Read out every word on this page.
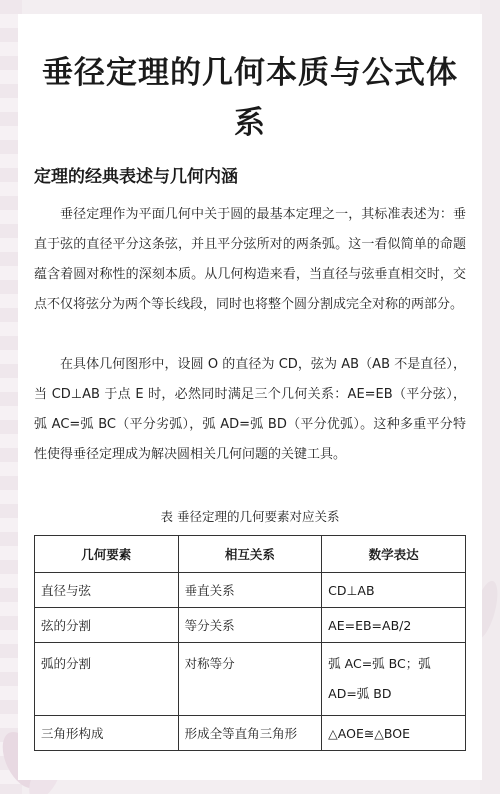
垂径定理的几何本质与公式体
系
定理的经典表述与几何内涵
垂径定理作为平面几何中关于圆的最基本定理之一，其标准表述为：垂直于弦的直径平分这条弦，并且平分弦所对的两条弧。这一看似简单的命题蕴含着圆对称性的深刻本质。从几何构造来看，当直径与弦垂直相交时，交点不仅将弦分为两个等长线段，同时也将整个圆分割成完全对称的两部分。
在具体几何图形中，设圆 O 的直径为 CD，弦为 AB（AB 不是直径），当 CD⊥AB 于点 E 时，必然同时满足三个几何关系：AE=EB（平分弦），弧 AC=弧 BC（平分劣弧），弧 AD=弧 BD（平分优弧）。这种多重平分特性使得垂径定理成为解决圆相关几何问题的关键工具。
表 垂径定理的几何要素对应关系
几何要素	相互关系	数学表达
直径与弦	垂直关系	CD⊥AB
弦的分割	等分关系	AE=EB=AB/2
弧的分割	对称等分	弧 AC=弧 BC；弧 AD=弧 BD
三角形构成	形成全等直角三角形	△AOE≅△BOE
